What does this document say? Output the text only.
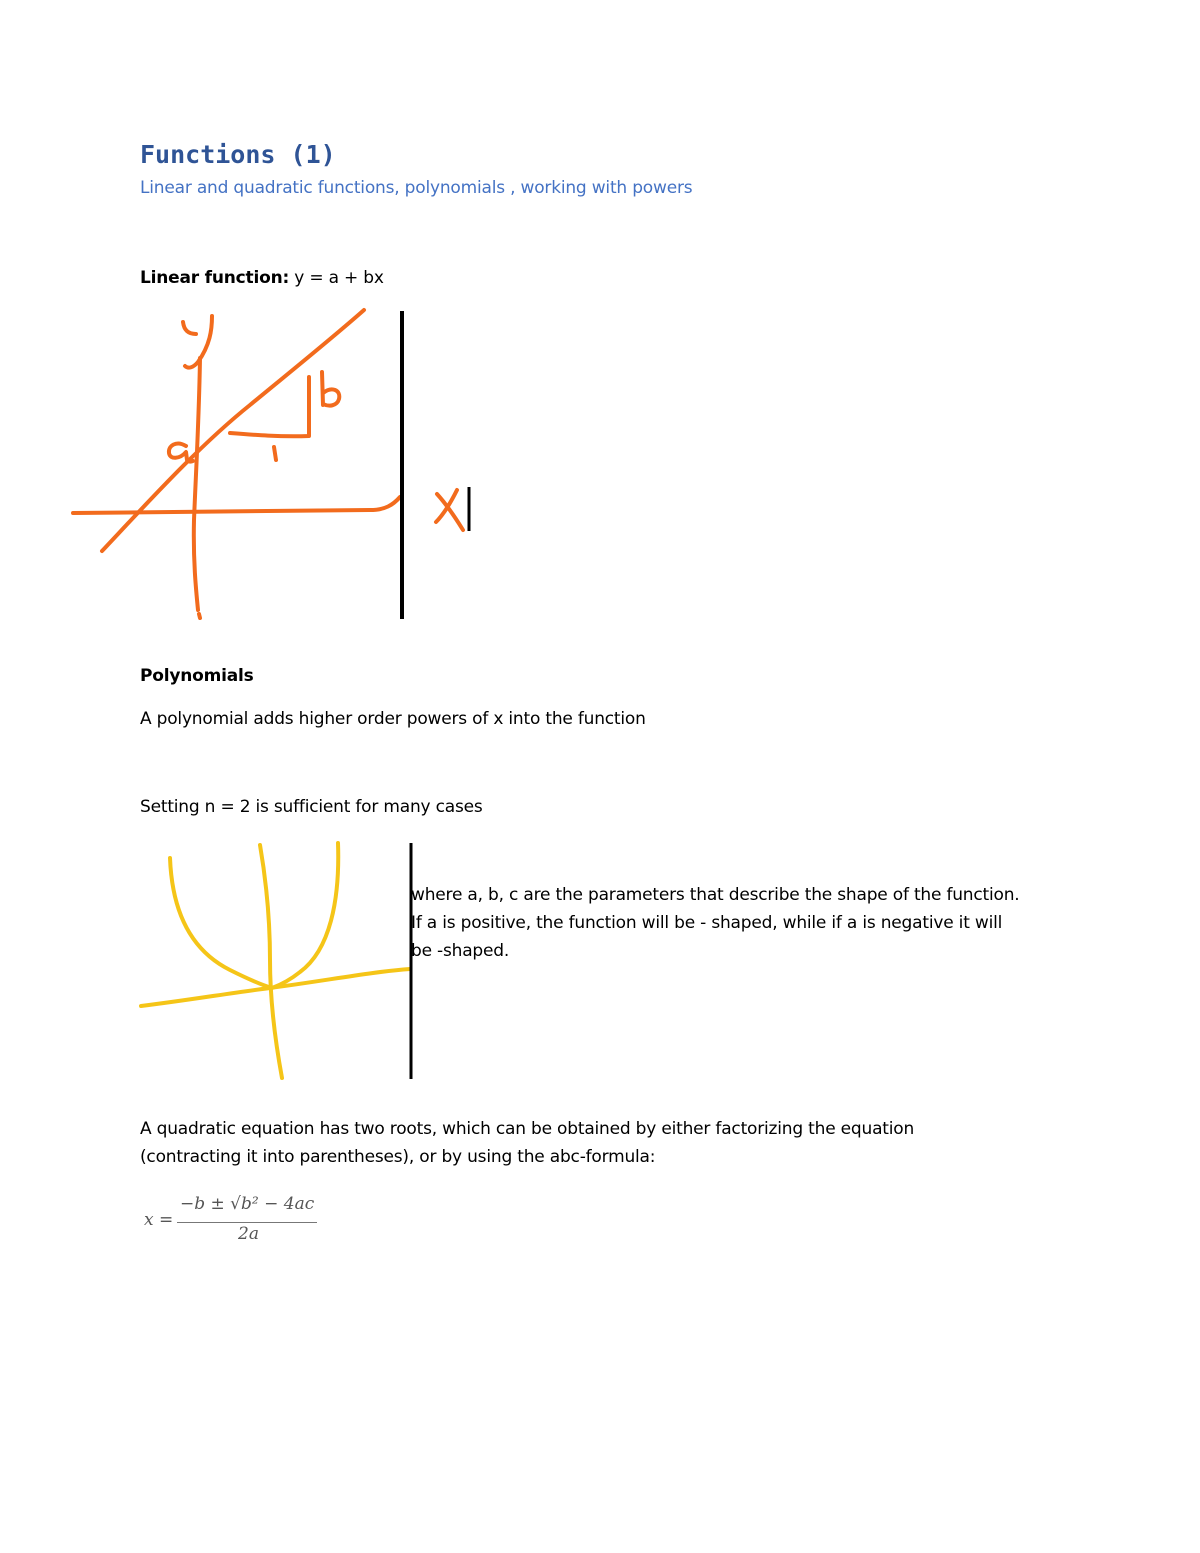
Functions (1)
Linear and quadratic functions, polynomials , working with powers
Linear function: y = a + bx
Polynomials
A polynomial adds higher order powers of x into the function
Setting n = 2 is sufficient for many cases
where a, b, c are the parameters that describe the shape of the function.
If a is positive, the function will be - shaped, while if a is negative it will
be -shaped.
A quadratic equation has two roots, which can be obtained by either factorizing the equation
(contracting it into parentheses), or by using the abc-formula:
x =
−b ± √b² − 4ac
2a
